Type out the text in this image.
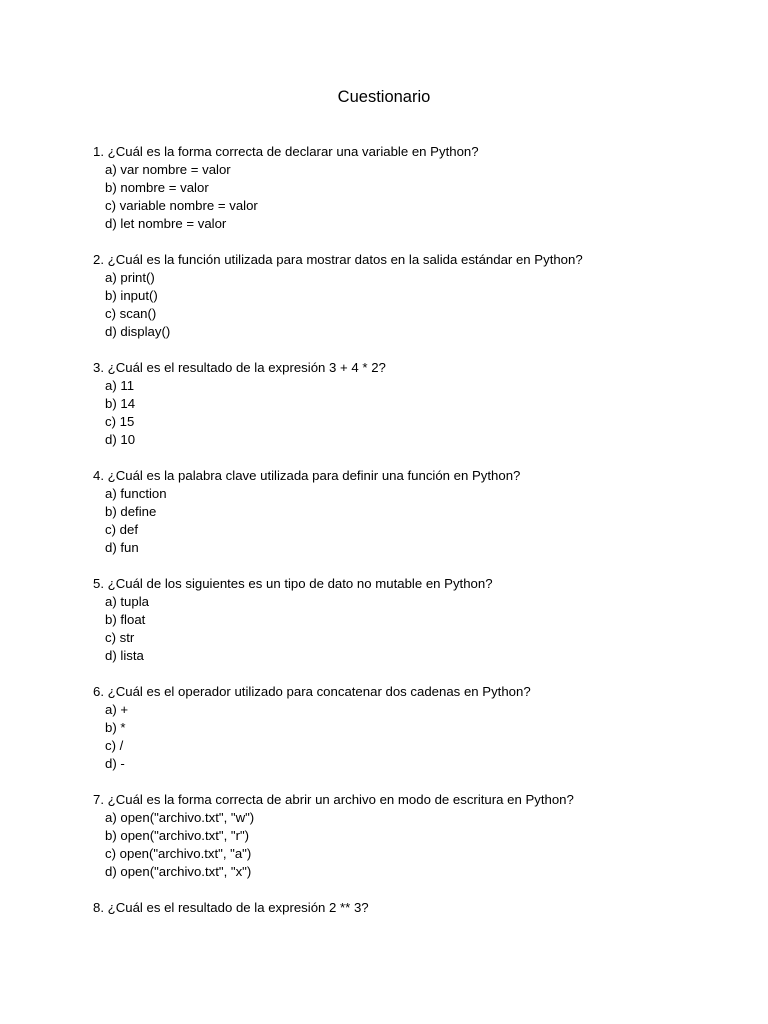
Cuestionario
1. ¿Cuál es la forma correcta de declarar una variable en Python?
a) var nombre = valor
b) nombre = valor
c) variable nombre = valor
d) let nombre = valor
2. ¿Cuál es la función utilizada para mostrar datos en la salida estándar en Python?
a) print()
b) input()
c) scan()
d) display()
3. ¿Cuál es el resultado de la expresión 3 + 4 * 2?
a) 11
b) 14
c) 15
d) 10
4. ¿Cuál es la palabra clave utilizada para definir una función en Python?
a) function
b) define
c) def
d) fun
5. ¿Cuál de los siguientes es un tipo de dato no mutable en Python?
a) tupla
b) float
c) str
d) lista
6. ¿Cuál es el operador utilizado para concatenar dos cadenas en Python?
a) +
b) *
c) /
d) -
7. ¿Cuál es la forma correcta de abrir un archivo en modo de escritura en Python?
a) open("archivo.txt", "w")
b) open("archivo.txt", "r")
c) open("archivo.txt", "a")
d) open("archivo.txt", "x")
8. ¿Cuál es el resultado de la expresión 2 ** 3?
